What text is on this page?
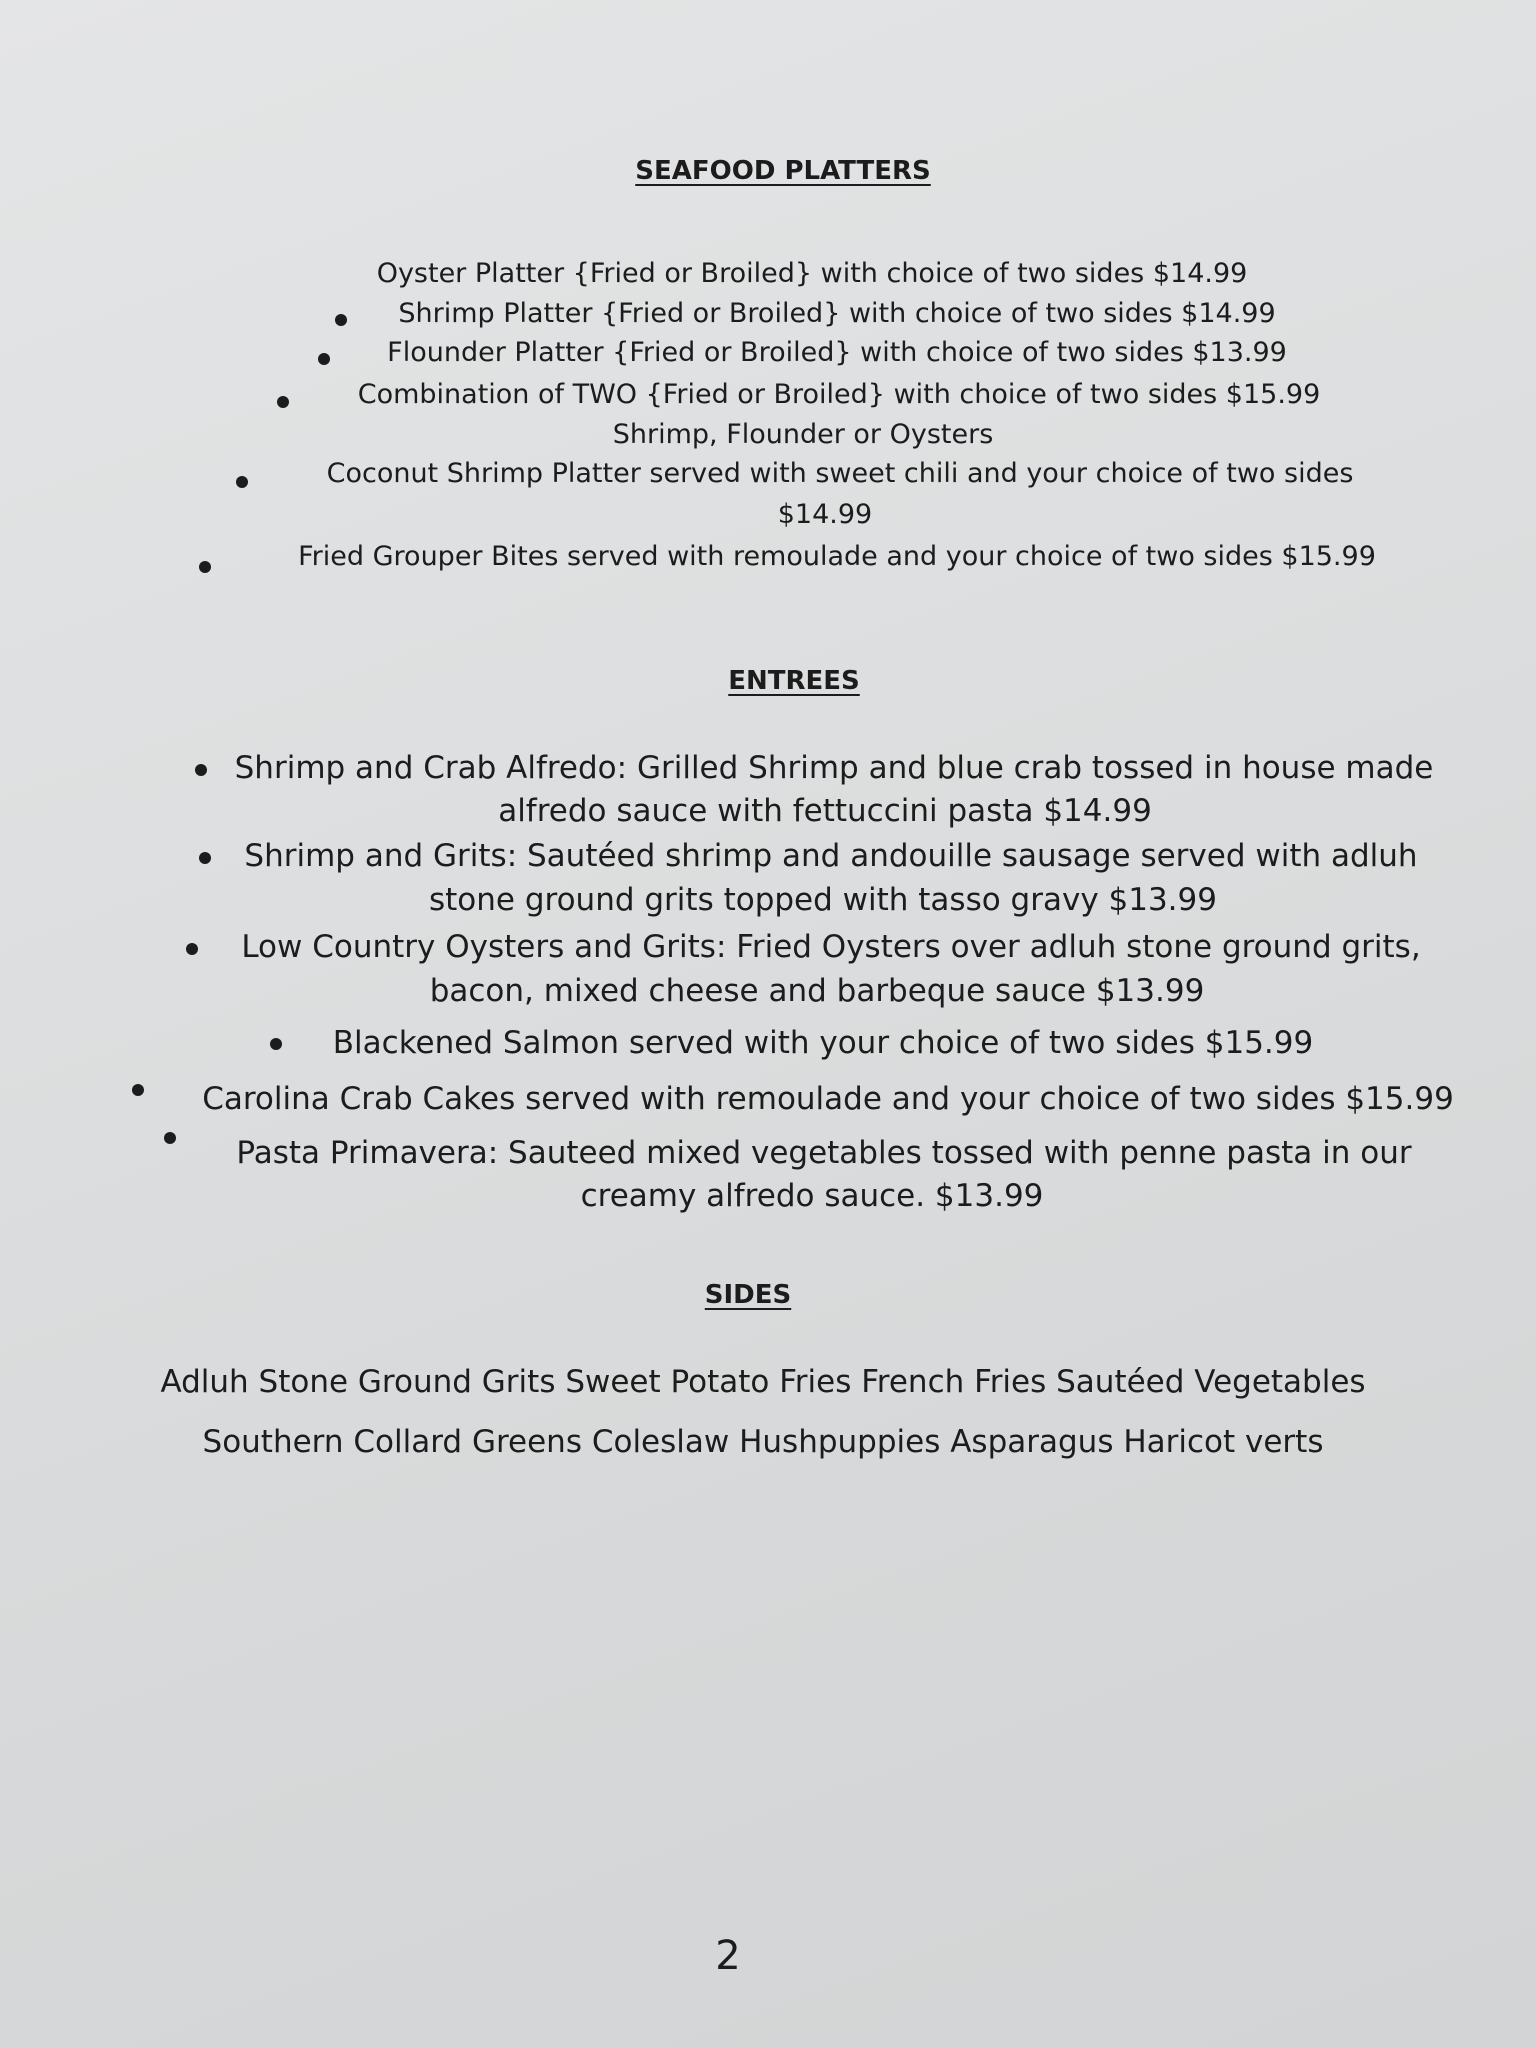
SEAFOOD PLATTERS
Oyster Platter {Fried or Broiled} with choice of two sides $14.99
Shrimp Platter {Fried or Broiled} with choice of two sides $14.99
Flounder Platter {Fried or Broiled} with choice of two sides $13.99
Combination of TWO {Fried or Broiled} with choice of two sides $15.99
Shrimp, Flounder or Oysters
Coconut Shrimp Platter served with sweet chili and your choice of two sides
$14.99
Fried Grouper Bites served with remoulade and your choice of two sides $15.99
ENTREES
Shrimp and Crab Alfredo: Grilled Shrimp and blue crab tossed in house made
alfredo sauce with fettuccini pasta $14.99
Shrimp and Grits: Sautéed shrimp and andouille sausage served with adluh
stone ground grits topped with tasso gravy $13.99
Low Country Oysters and Grits: Fried Oysters over adluh stone ground grits,
bacon, mixed cheese and barbeque sauce $13.99
Blackened Salmon served with your choice of two sides $15.99
Carolina Crab Cakes served with remoulade and your choice of two sides $15.99
Pasta Primavera: Sauteed mixed vegetables tossed with penne pasta in our
creamy alfredo sauce. $13.99
SIDES
Adluh Stone Ground Grits Sweet Potato Fries French Fries Sautéed Vegetables
Southern Collard Greens Coleslaw Hushpuppies Asparagus Haricot verts
2
